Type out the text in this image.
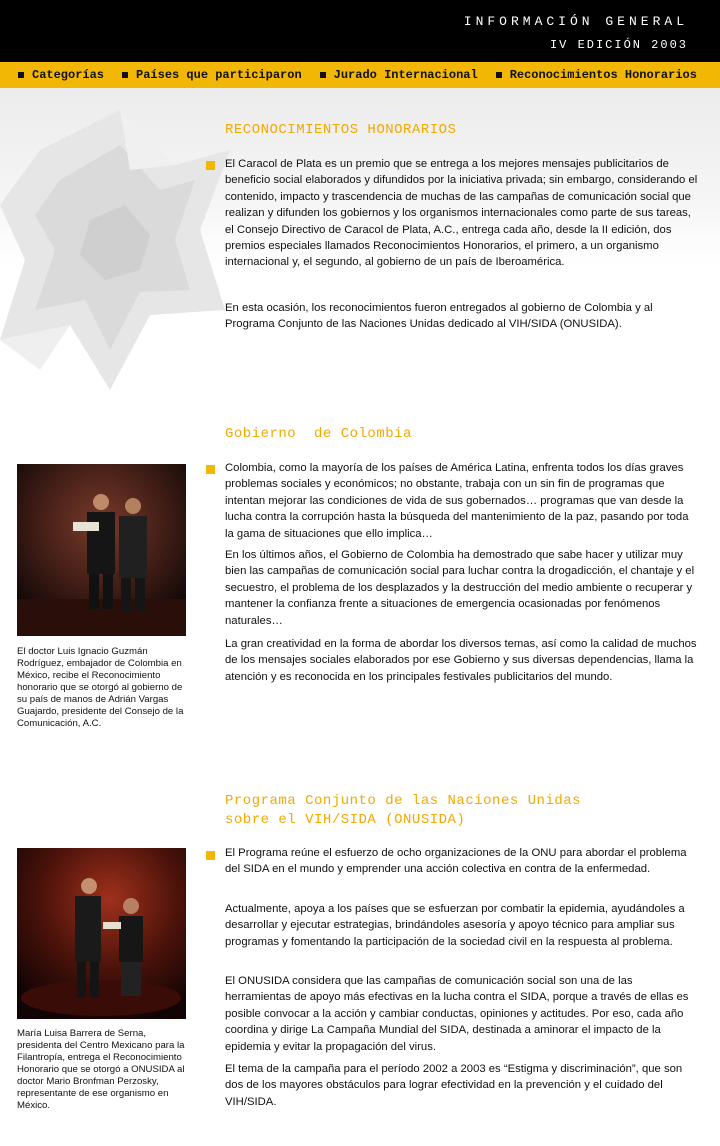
INFORMACIÓN GENERAL
IV EDICIÓN 2003
Categorías	Países que participaron	Jurado Internacional	Reconocimientos Honorarios
RECONOCIMIENTOS HONORARIOS

El Caracol de Plata es un premio que se entrega a los mejores mensajes publicitarios de beneficio social elaborados y difundidos por la iniciativa privada; sin embargo, considerando el contenido, impacto y trascendencia de muchas de las campañas de comunicación social que realizan y difunden los gobiernos y los organismos internacionales como parte de sus tareas, el Consejo Directivo de Caracol de Plata, A.C., entrega cada año, desde la II edición, dos premios especiales llamados Reconocimientos Honorarios, el primero, a un organismo internacional y, el segundo, al gobierno de un país de Iberoamérica.

En esta ocasión, los reconocimientos fueron entregados al gobierno de Colombia y al Programa Conjunto de las Naciones Unidas dedicado al VIH/SIDA (ONUSIDA).

Gobierno  de Colombia

Colombia, como la mayoría de los países de América Latina, enfrenta todos los días graves problemas sociales y económicos; no obstante, trabaja con un sin fin de programas que intentan mejorar las condiciones de vida de sus gobernados… programas que van desde la lucha contra la corrupción hasta la búsqueda del mantenimiento de la paz, pasando por toda la gama de situaciones que ello implica…

En los últimos años, el Gobierno de Colombia ha demostrado que sabe hacer y utilizar muy bien las campañas de comunicación social para luchar contra la drogadicción, el chantaje y el secuestro, el problema de los desplazados y la destrucción del medio ambiente o recuperar y mantener la confianza frente a situaciones de emergencia ocasionadas por fenómenos naturales…

La gran creatividad en la forma de abordar los diversos temas, así como la calidad de muchos de los mensajes sociales elaborados por ese Gobierno y sus diversas dependencias, llama la atención y es reconocida en los principales festivales publicitarios del mundo.

El doctor Luis Ignacio Guzmán Rodríguez, embajador de Colombia en México, recibe el Reconocimiento honorario que se otorgó al gobierno de su país de manos de Adrián Vargas Guajardo, presidente del Consejo de la Comunicación, A.C.

Programa Conjunto de las Naciones Unidas
sobre el VIH/SIDA (ONUSIDA)

El Programa reúne el esfuerzo de ocho organizaciones de la ONU para abordar el problema del SIDA en el mundo y emprender una acción colectiva en contra de la enfermedad.

Actualmente, apoya a los países que se esfuerzan por combatir la epidemia, ayudándoles a desarrollar y ejecutar estrategias, brindándoles asesoría y apoyo técnico para ampliar sus programas y fomentando la participación de la sociedad civil en la respuesta al problema.

El ONUSIDA considera que las campañas de comunicación social son una de las herramientas de apoyo más efectivas en la lucha contra el SIDA, porque a través de ellas es posible convocar a la acción y cambiar conductas, opiniones y actitudes. Por eso, cada año coordina y dirige La Campaña Mundial del SIDA, destinada a aminorar el impacto de la epidemia y evitar la propagación del virus.

El tema de la campaña para el período 2002 a 2003 es “Estigma y discriminación”, que son dos de los mayores obstáculos para lograr efectividad en la prevención y el cuidado del VIH/SIDA.

María Luisa Barrera de Serna, presidenta del Centro Mexicano para la Filantropía, entrega el Reconocimiento Honorario que se otorgó a ONUSIDA al doctor Mario Bronfman Perzosky, representante de ese organismo en México.
